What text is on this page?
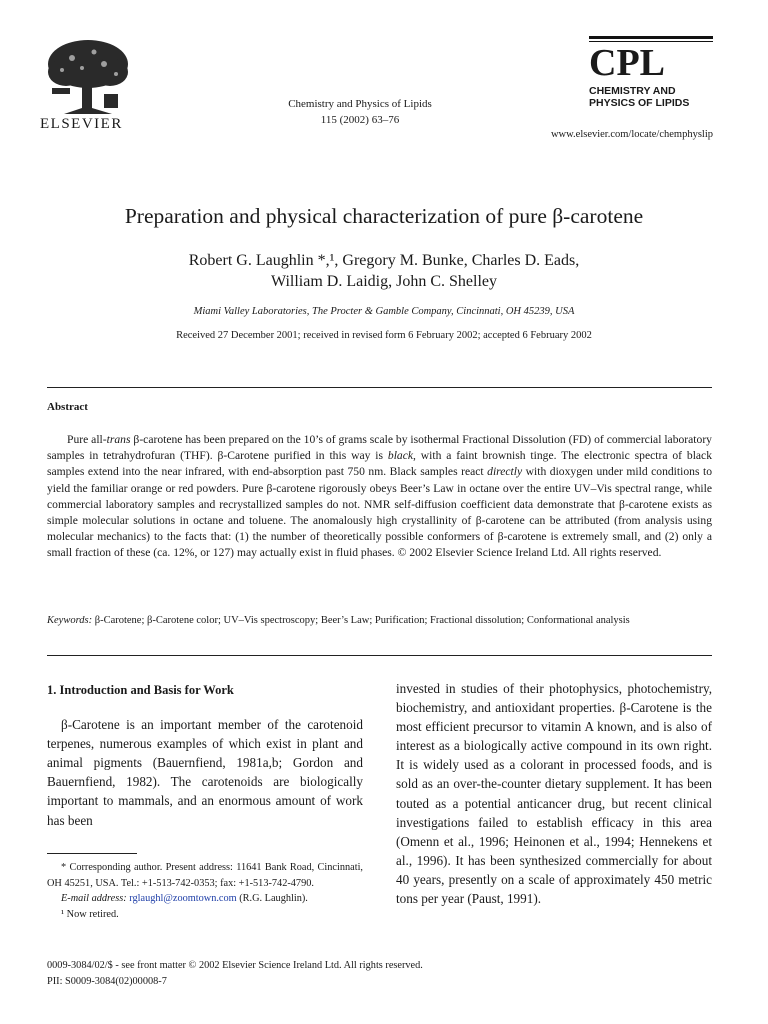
ELSEVIER
Chemistry and Physics of Lipids
115 (2002) 63–76
CPL
CHEMISTRY AND
PHYSICS OF LIPIDS
www.elsevier.com/locate/chemphyslip
Preparation and physical characterization of pure β-carotene
Robert G. Laughlin *,¹, Gregory M. Bunke, Charles D. Eads,
William D. Laidig, John C. Shelley
Miami Valley Laboratories, The Procter & Gamble Company, Cincinnati, OH 45239, USA
Received 27 December 2001; received in revised form 6 February 2002; accepted 6 February 2002
Abstract

Pure all-trans β-carotene has been prepared on the 10’s of grams scale by isothermal Fractional Dissolution (FD) of commercial laboratory samples in tetrahydrofuran (THF). β-Carotene purified in this way is black, with a faint brownish tinge. The electronic spectra of black samples extend into the near infrared, with end-absorption past 750 nm. Black samples react directly with dioxygen under mild conditions to yield the familiar orange or red powders. Pure β-carotene rigorously obeys Beer’s Law in octane over the entire UV–Vis spectral range, while commercial laboratory samples and recrystallized samples do not. NMR self-diffusion coefficient data demonstrate that β-carotene exists as simple molecular solutions in octane and toluene. The anomalously high crystallinity of β-carotene can be attributed (from analysis using molecular mechanics) to the facts that: (1) the number of theoretically possible conformers of β-carotene is extremely small, and (2) only a small fraction of these (ca. 12%, or 127) may actually exist in fluid phases. © 2002 Elsevier Science Ireland Ltd. All rights reserved.

Keywords: β-Carotene; β-Carotene color; UV–Vis spectroscopy; Beer’s Law; Purification; Fractional dissolution; Conformational analysis
1. Introduction and Basis for Work

β-Carotene is an important member of the carotenoid terpenes, numerous examples of which exist in plant and animal pigments (Bauernfiend, 1981a,b; Gordon and Bauernfiend, 1982). The carotenoids are biologically important to mammals, and an enormous amount of work has been

* Corresponding author. Present address: 11641 Bank Road, Cincinnati, OH 45251, USA. Tel.: +1-513-742-0353; fax: +1-513-742-4790.

E-mail address: rglaughl@zoomtown.com (R.G. Laughlin).

¹ Now retired.

invested in studies of their photophysics, photochemistry, biochemistry, and antioxidant properties. β-Carotene is the most efficient precursor to vitamin A known, and is also of interest as a biologically active compound in its own right. It is widely used as a colorant in processed foods, and is sold as an over-the-counter dietary supplement. It has been touted as a potential anticancer drug, but recent clinical investigations failed to establish efficacy in this area (Omenn et al., 1996; Heinonen et al., 1994; Hennekens et al., 1996). It has been synthesized commercially for about 40 years, presently on a scale of approximately 450 metric tons per year (Paust, 1991).

0009-3084/02/$ - see front matter © 2002 Elsevier Science Ireland Ltd. All rights reserved.
PII: S0009-3084(02)00008-7
